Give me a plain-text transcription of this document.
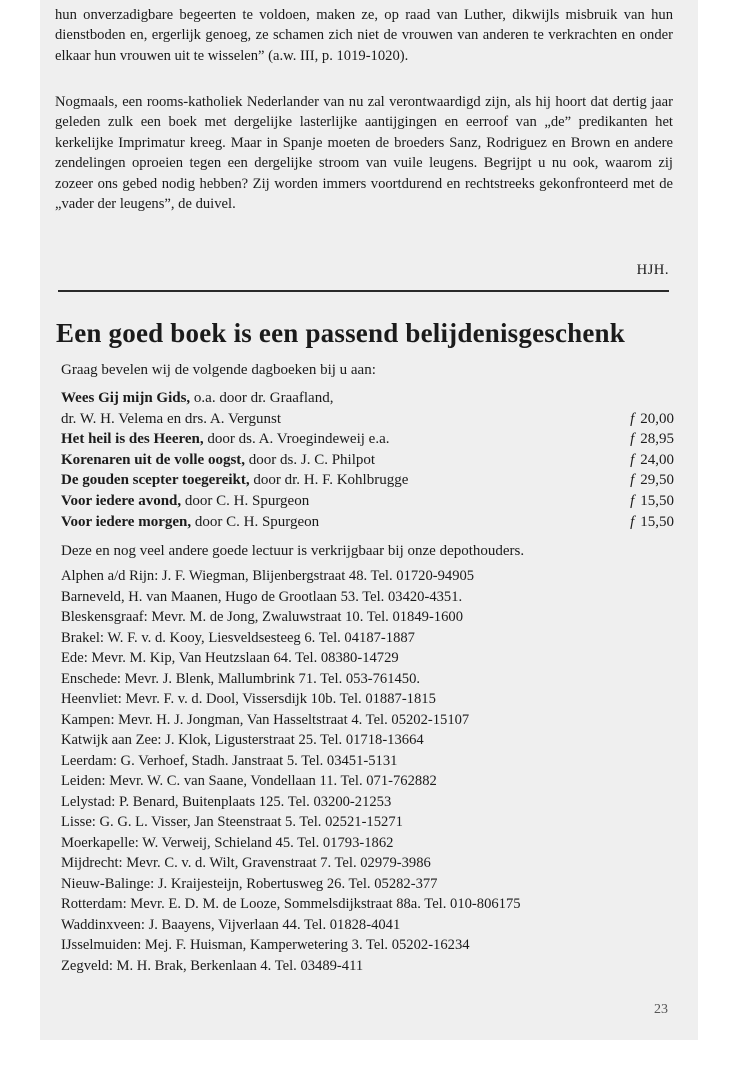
hun onverzadigbare begeerten te voldoen, maken ze, op raad van Luther, dikwijls misbruik van hun dienstboden en, ergerlijk genoeg, ze schamen zich niet de vrouwen van anderen te verkrachten en onder elkaar hun vrouwen uit te wisselen” (a.w. III, p. 1019-1020).

Nogmaals, een rooms-katholiek Nederlander van nu zal verontwaardigd zijn, als hij hoort dat dertig jaar geleden zulk een boek met dergelijke lasterlijke aantijgingen en eerroof van „de” predikanten het kerkelijke Imprimatur kreeg. Maar in Spanje moeten de broeders Sanz, Rodriguez en Brown en andere zendelingen oproeien tegen een dergelijke stroom van vuile leugens. Begrijpt u nu ook, waarom zij zozeer ons gebed nodig hebben? Zij worden immers voortdurend en rechtstreeks gekonfronteerd met de „vader der leugens”, de duivel.

HJH.
Een goed boek is een passend belijdenisgeschenk
Graag bevelen wij de volgende dagboeken bij u aan:
Wees Gij mijn Gids, o.a. door dr. Graafland,
dr. W. H. Velema en drs. A. Vergunst	f 20,00
Het heil is des Heeren, door ds. A. Vroegindeweij e.a.	f 28,95
Korenaren uit de volle oogst, door ds. J. C. Philpot	f 24,00
De gouden scepter toegereikt, door dr. H. F. Kohlbrugge	f 29,50
Voor iedere avond, door C. H. Spurgeon	f 15,50
Voor iedere morgen, door C. H. Spurgeon	f 15,50
Deze en nog veel andere goede lectuur is verkrijgbaar bij onze depothouders.
Alphen a/d Rijn: J. F. Wiegman, Blijenbergstraat 48. Tel. 01720-94905
Barneveld, H. van Maanen, Hugo de Grootlaan 53. Tel. 03420-4351.
Bleskensgraaf: Mevr. M. de Jong, Zwaluwstraat 10. Tel. 01849-1600
Brakel: W. F. v. d. Kooy, Liesveldsesteeg 6. Tel. 04187-1887
Ede: Mevr. M. Kip, Van Heutzslaan 64. Tel. 08380-14729
Enschede: Mevr. J. Blenk, Mallumbrink 71. Tel. 053-761450.
Heenvliet: Mevr. F. v. d. Dool, Vissersdijk 10b. Tel. 01887-1815
Kampen: Mevr. H. J. Jongman, Van Hasseltstraat 4. Tel. 05202-15107
Katwijk aan Zee: J. Klok, Ligusterstraat 25. Tel. 01718-13664
Leerdam: G. Verhoef, Stadh. Janstraat 5. Tel. 03451-5131
Leiden: Mevr. W. C. van Saane, Vondellaan 11. Tel. 071-762882
Lelystad: P. Benard, Buitenplaats 125. Tel. 03200-21253
Lisse: G. G. L. Visser, Jan Steenstraat 5. Tel. 02521-15271
Moerkapelle: W. Verweij, Schieland 45. Tel. 01793-1862
Mijdrecht: Mevr. C. v. d. Wilt, Gravenstraat 7. Tel. 02979-3986
Nieuw-Balinge: J. Kraijesteijn, Robertusweg 26. Tel. 05282-377
Rotterdam: Mevr. E. D. M. de Looze, Sommelsdijkstraat 88a. Tel. 010-806175
Waddinxveen: J. Baayens, Vijverlaan 44. Tel. 01828-4041
IJsselmuiden: Mej. F. Huisman, Kamperwetering 3. Tel. 05202-16234
Zegveld: M. H. Brak, Berkenlaan 4. Tel. 03489-411
23
